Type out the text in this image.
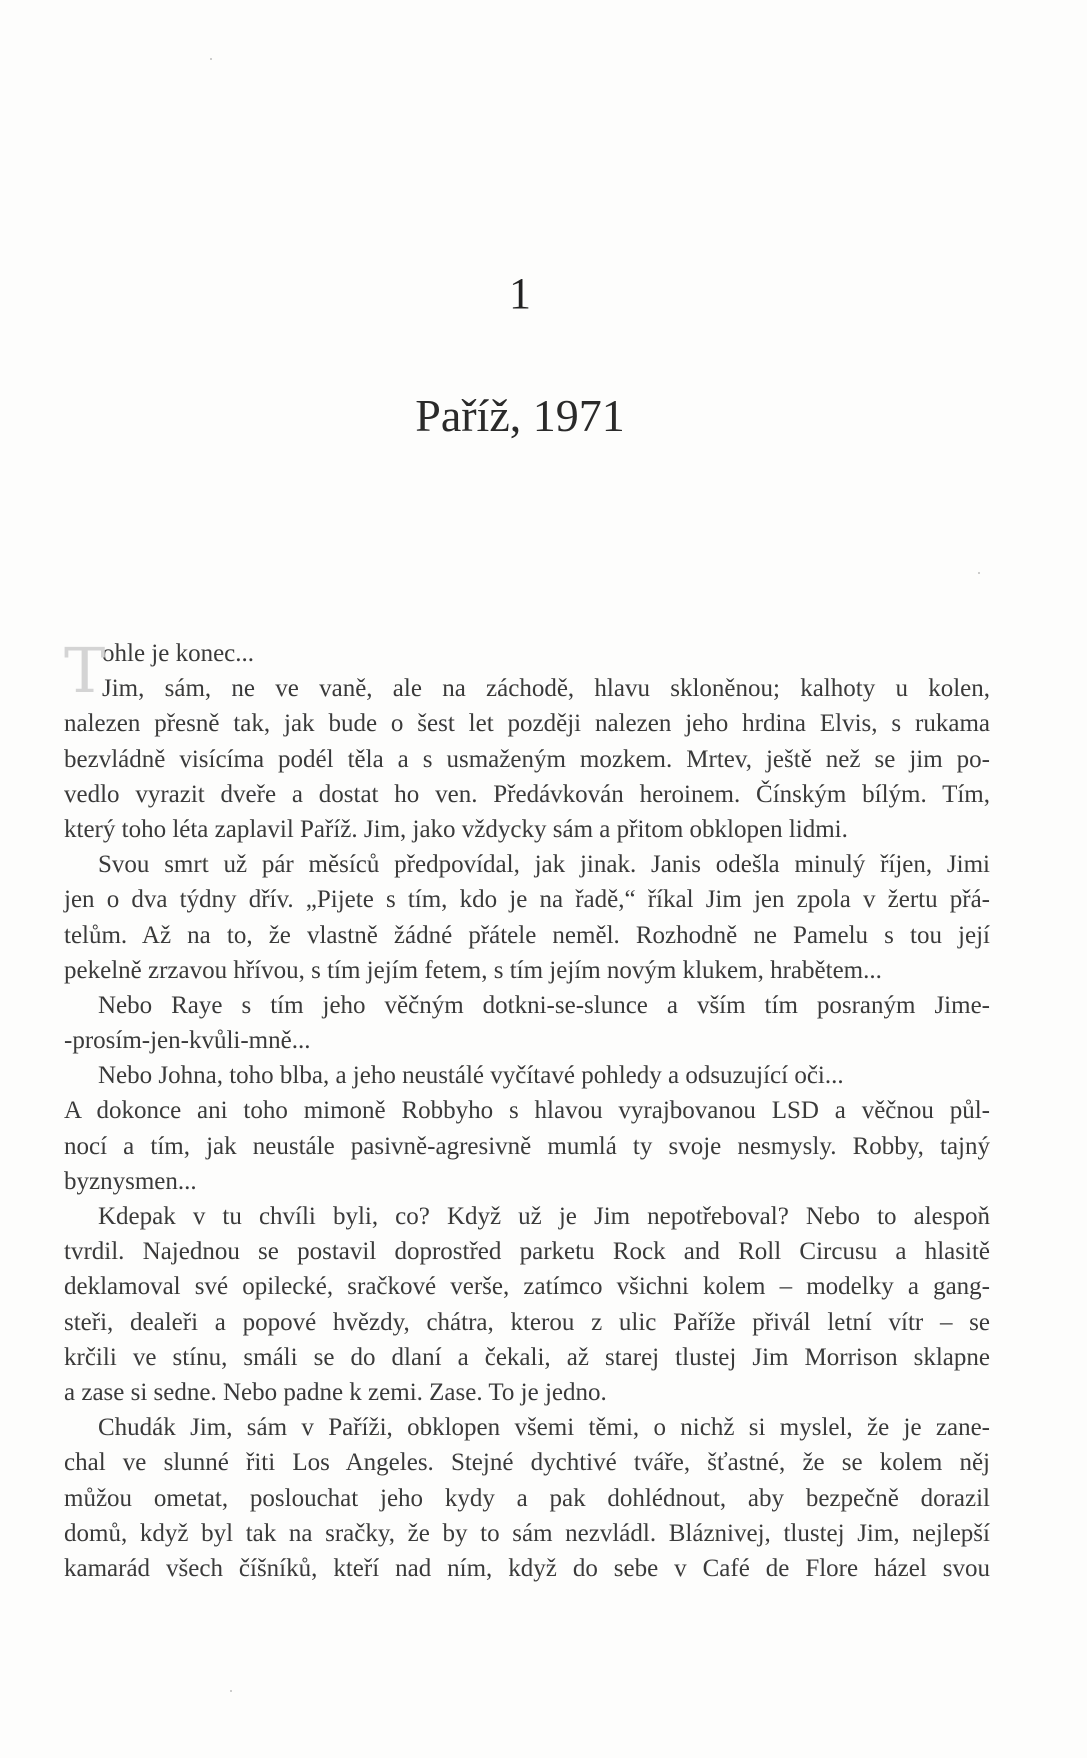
1
Paříž, 1971
T
ohle je konec...
Jim, sám, ne ve vaně, ale na záchodě, hlavu skloněnou; kalhoty u kolen,
nalezen přesně tak, jak bude o šest let později nalezen jeho hrdina Elvis, s rukama
bezvládně visícíma podél těla a s usmaženým mozkem. Mrtev, ještě než se jim po-
vedlo vyrazit dveře a dostat ho ven. Předávkován heroinem. Čínským bílým. Tím,
který toho léta zaplavil Paříž. Jim, jako vždycky sám a přitom obklopen lidmi.
Svou smrt už pár měsíců předpovídal, jak jinak. Janis odešla minulý říjen, Jimi
jen o dva týdny dřív. „Pijete s tím, kdo je na řadě,“ říkal Jim jen zpola v žertu přá-
telům. Až na to, že vlastně žádné přátele neměl. Rozhodně ne Pamelu s tou její
pekelně zrzavou hřívou, s tím jejím fetem, s tím jejím novým klukem, hrabětem...
Nebo Raye s tím jeho věčným dotkni-se-slunce a vším tím posraným Jime-
-prosím-jen-kvůli-mně...
Nebo Johna, toho blba, a jeho neustálé vyčítavé pohledy a odsuzující oči...
A dokonce ani toho mimoně Robbyho s hlavou vyrajbovanou LSD a věčnou půl-
nocí a tím, jak neustále pasivně-agresivně mumlá ty svoje nesmysly. Robby, tajný
byznysmen...
Kdepak v tu chvíli byli, co? Když už je Jim nepotřeboval? Nebo to alespoň
tvrdil. Najednou se postavil doprostřed parketu Rock and Roll Circusu a hlasitě
deklamoval své opilecké, sračkové verše, zatímco všichni kolem – modelky a gang-
steři, dealeři a popové hvězdy, chátra, kterou z ulic Paříže přivál letní vítr – se
krčili ve stínu, smáli se do dlaní a čekali, až starej tlustej Jim Morrison sklapne
a zase si sedne. Nebo padne k zemi. Zase. To je jedno.
Chudák Jim, sám v Paříži, obklopen všemi těmi, o nichž si myslel, že je zane-
chal ve slunné řiti Los Angeles. Stejné dychtivé tváře, šťastné, že se kolem něj
můžou ometat, poslouchat jeho kydy a pak dohlédnout, aby bezpečně dorazil
domů, když byl tak na sračky, že by to sám nezvládl. Bláznivej, tlustej Jim, nejlepší
kamarád všech číšníků, kteří nad ním, když do sebe v Café de Flore házel svou
